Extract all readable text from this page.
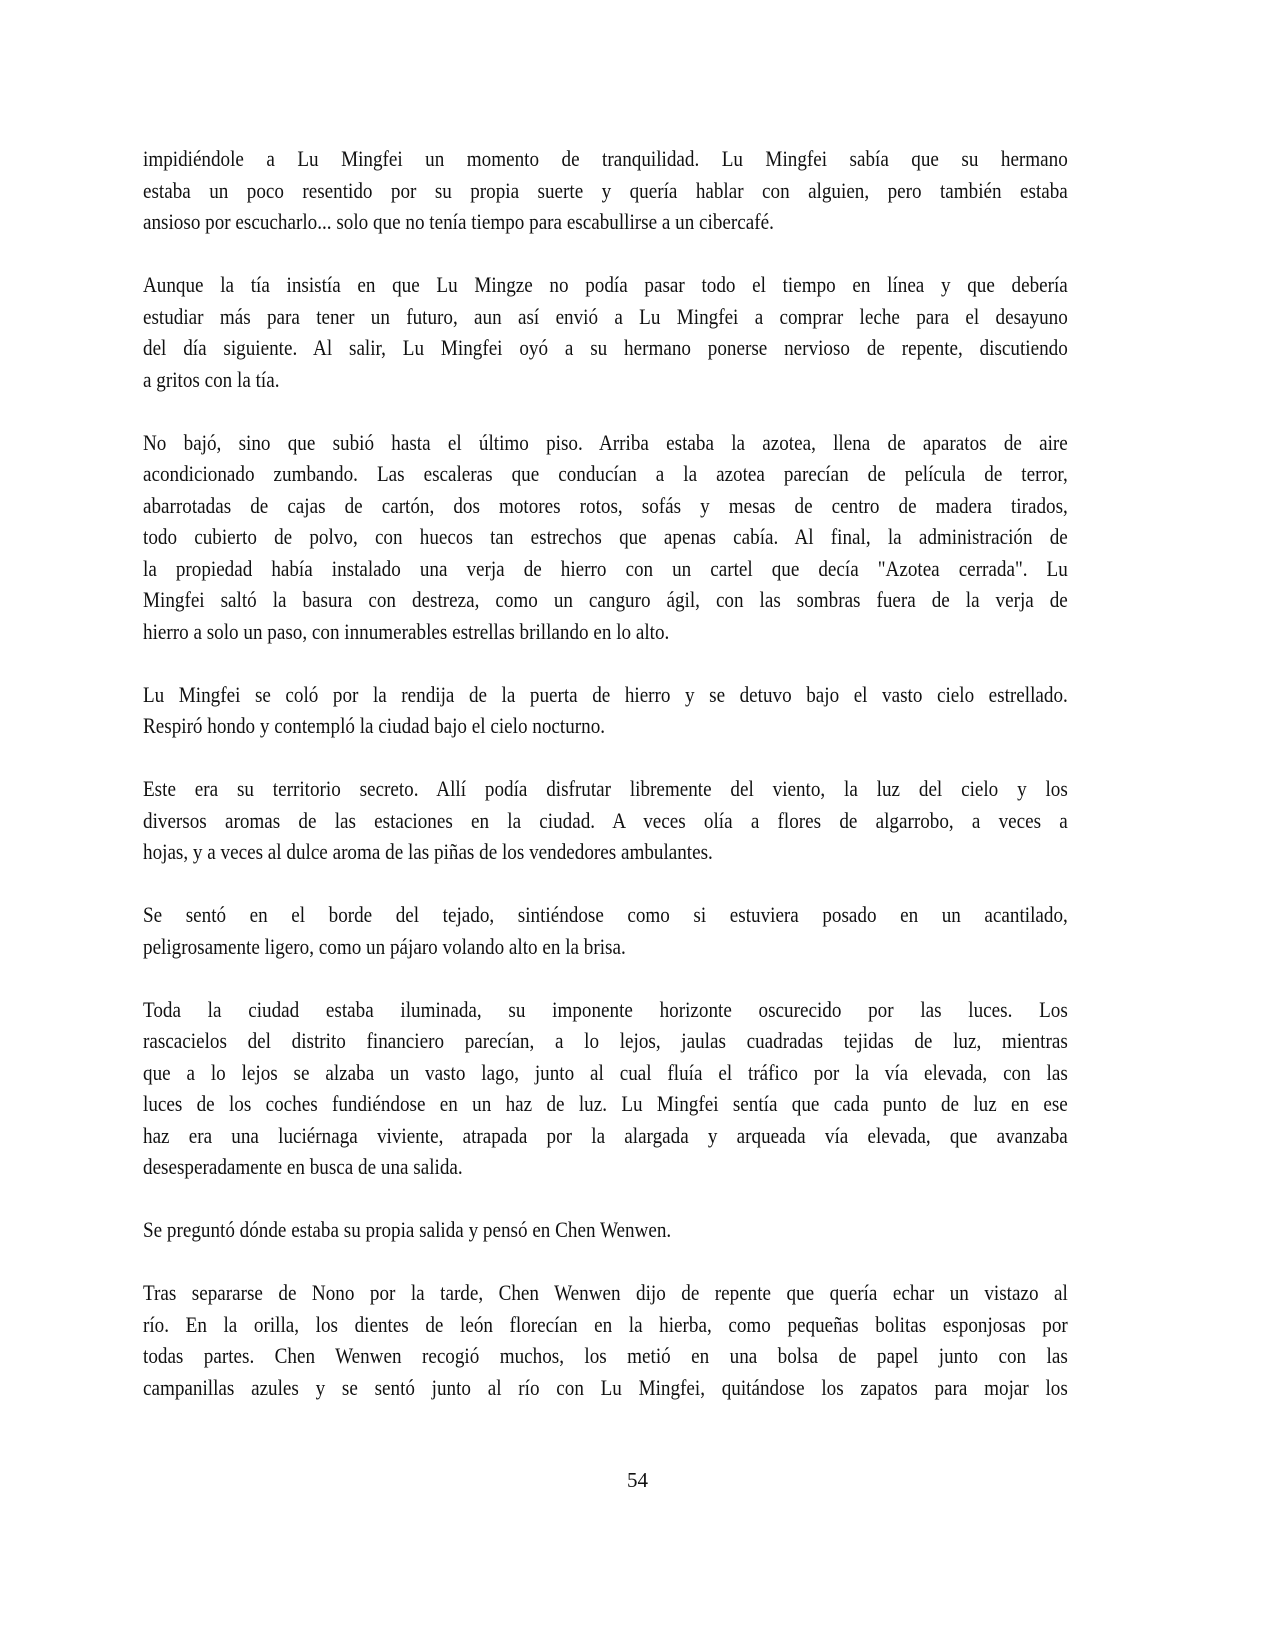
impidiéndole a Lu Mingfei un momento de tranquilidad. Lu Mingfei sabía que su hermano
estaba un poco resentido por su propia suerte y quería hablar con alguien, pero también estaba
ansioso por escucharlo... solo que no tenía tiempo para escabullirse a un cibercafé.
Aunque la tía insistía en que Lu Mingze no podía pasar todo el tiempo en línea y que debería
estudiar más para tener un futuro, aun así envió a Lu Mingfei a comprar leche para el desayuno
del día siguiente. Al salir, Lu Mingfei oyó a su hermano ponerse nervioso de repente, discutiendo
a gritos con la tía.
No bajó, sino que subió hasta el último piso. Arriba estaba la azotea, llena de aparatos de aire
acondicionado zumbando. Las escaleras que conducían a la azotea parecían de película de terror,
abarrotadas de cajas de cartón, dos motores rotos, sofás y mesas de centro de madera tirados,
todo cubierto de polvo, con huecos tan estrechos que apenas cabía. Al final, la administración de
la propiedad había instalado una verja de hierro con un cartel que decía "Azotea cerrada". Lu
Mingfei saltó la basura con destreza, como un canguro ágil, con las sombras fuera de la verja de
hierro a solo un paso, con innumerables estrellas brillando en lo alto.
Lu Mingfei se coló por la rendija de la puerta de hierro y se detuvo bajo el vasto cielo estrellado.
Respiró hondo y contempló la ciudad bajo el cielo nocturno.
Este era su territorio secreto. Allí podía disfrutar libremente del viento, la luz del cielo y los
diversos aromas de las estaciones en la ciudad. A veces olía a flores de algarrobo, a veces a
hojas, y a veces al dulce aroma de las piñas de los vendedores ambulantes.
Se sentó en el borde del tejado, sintiéndose como si estuviera posado en un acantilado,
peligrosamente ligero, como un pájaro volando alto en la brisa.
Toda la ciudad estaba iluminada, su imponente horizonte oscurecido por las luces. Los
rascacielos del distrito financiero parecían, a lo lejos, jaulas cuadradas tejidas de luz, mientras
que a lo lejos se alzaba un vasto lago, junto al cual fluía el tráfico por la vía elevada, con las
luces de los coches fundiéndose en un haz de luz. Lu Mingfei sentía que cada punto de luz en ese
haz era una luciérnaga viviente, atrapada por la alargada y arqueada vía elevada, que avanzaba
desesperadamente en busca de una salida.
Se preguntó dónde estaba su propia salida y pensó en Chen Wenwen.
Tras separarse de Nono por la tarde, Chen Wenwen dijo de repente que quería echar un vistazo al
río. En la orilla, los dientes de león florecían en la hierba, como pequeñas bolitas esponjosas por
todas partes. Chen Wenwen recogió muchos, los metió en una bolsa de papel junto con las
campanillas azules y se sentó junto al río con Lu Mingfei, quitándose los zapatos para mojar los
54
